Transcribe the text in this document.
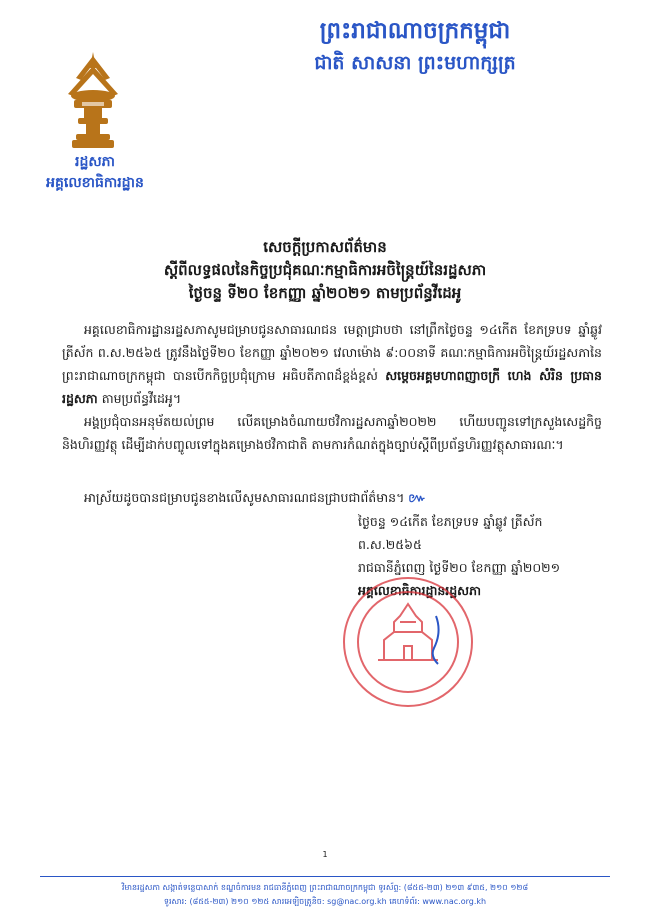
ព្រះរាជាណាចក្រកម្ពុជា
ជាតិ សាសនា ព្រះមហាក្សត្រ
រដ្ឋសភា
អគ្គលេខាធិការដ្ឋាន
សេចក្តីប្រកាសព័ត៌មាន
ស្តីពីលទ្ធផលនៃកិច្ចប្រជុំគណៈកម្មាធិការអចិន្ត្រៃយ៍នៃរដ្ឋសភា
ថ្ងៃចន្ទ ទី២០ ខែកញ្ញា ឆ្នាំ២០២១ តាមប្រព័ន្ធវីដេអូ

អគ្គលេខាធិការដ្ឋានរដ្ឋសភាសូមជម្រាបជូនសាធារណជន មេត្តាជ្រាបថា នៅព្រឹកថ្ងៃចន្ទ ១៤កើត ខែភទ្របទ ឆ្នាំឆ្លូវ ត្រីស័ក ព.ស.២៥៦៥ ត្រូវនឹងថ្ងៃទី២០ ខែកញ្ញា ឆ្នាំ២០២១ វេលាម៉ោង ៩:០០នាទី គណៈកម្មាធិការអចិន្ត្រៃយ៍រដ្ឋសភានៃព្រះរាជាណាចក្រកម្ពុជា បានបើកកិច្ចប្រជុំក្រោម អធិបតីភាពដ៏ខ្ពង់ខ្ពស់ សម្តេចអគ្គមហាពញាចក្រី ហេង សំរិន ប្រធានរដ្ឋសភា តាមប្រព័ន្ធវីដេអូ។

អង្គប្រជុំបានអនុម័តយល់ព្រម លើគម្រោងចំណាយថវិការដ្ឋសភាឆ្នាំ២០២២ ហើយបញ្ជូនទៅក្រសួងសេដ្ឋកិច្ច និងហិរញ្ញវត្ថុ ដើម្បីដាក់បញ្ចូលទៅក្នុងគម្រោងថវិកាជាតិ តាមការកំណត់ក្នុងច្បាប់ស្តីពីប្រព័ន្ធហិរញ្ញវត្ថុសាធារណៈ។

អាស្រ័យដូចបានជម្រាបជូនខាងលើសូមសាធារណជនជ្រាបជាព័ត៌មាន។ ៚
ថ្ងៃចន្ទ ១៤កើត ខែភទ្របទ ឆ្នាំឆ្លូវ ត្រីស័ក ព.ស.២៥៦៥
រាជធានីភ្នំពេញ ថ្ងៃទី២០ ខែកញ្ញា ឆ្នាំ២០២១
អគ្គលេខាធិការដ្ឋានរដ្ឋសភា
1
វិមានរដ្ឋសភា សង្កាត់ទន្លេបាសាក់ ខណ្ឌចំការមន រាជធានីភ្នំពេញ ព្រះរាជាណាចក្រកម្ពុជា ទូរស័ព្ទ: (៨៥៥-២៣) ២១៣ ៩៣៥, ២១០ ១២៨
ទូរសារ: (៨៥៥-២៣) ២១០ ១២៥ សារអេឡិចត្រូនិច: sg@nac.org.kh គេហទំព័រ: www.nac.org.kh
